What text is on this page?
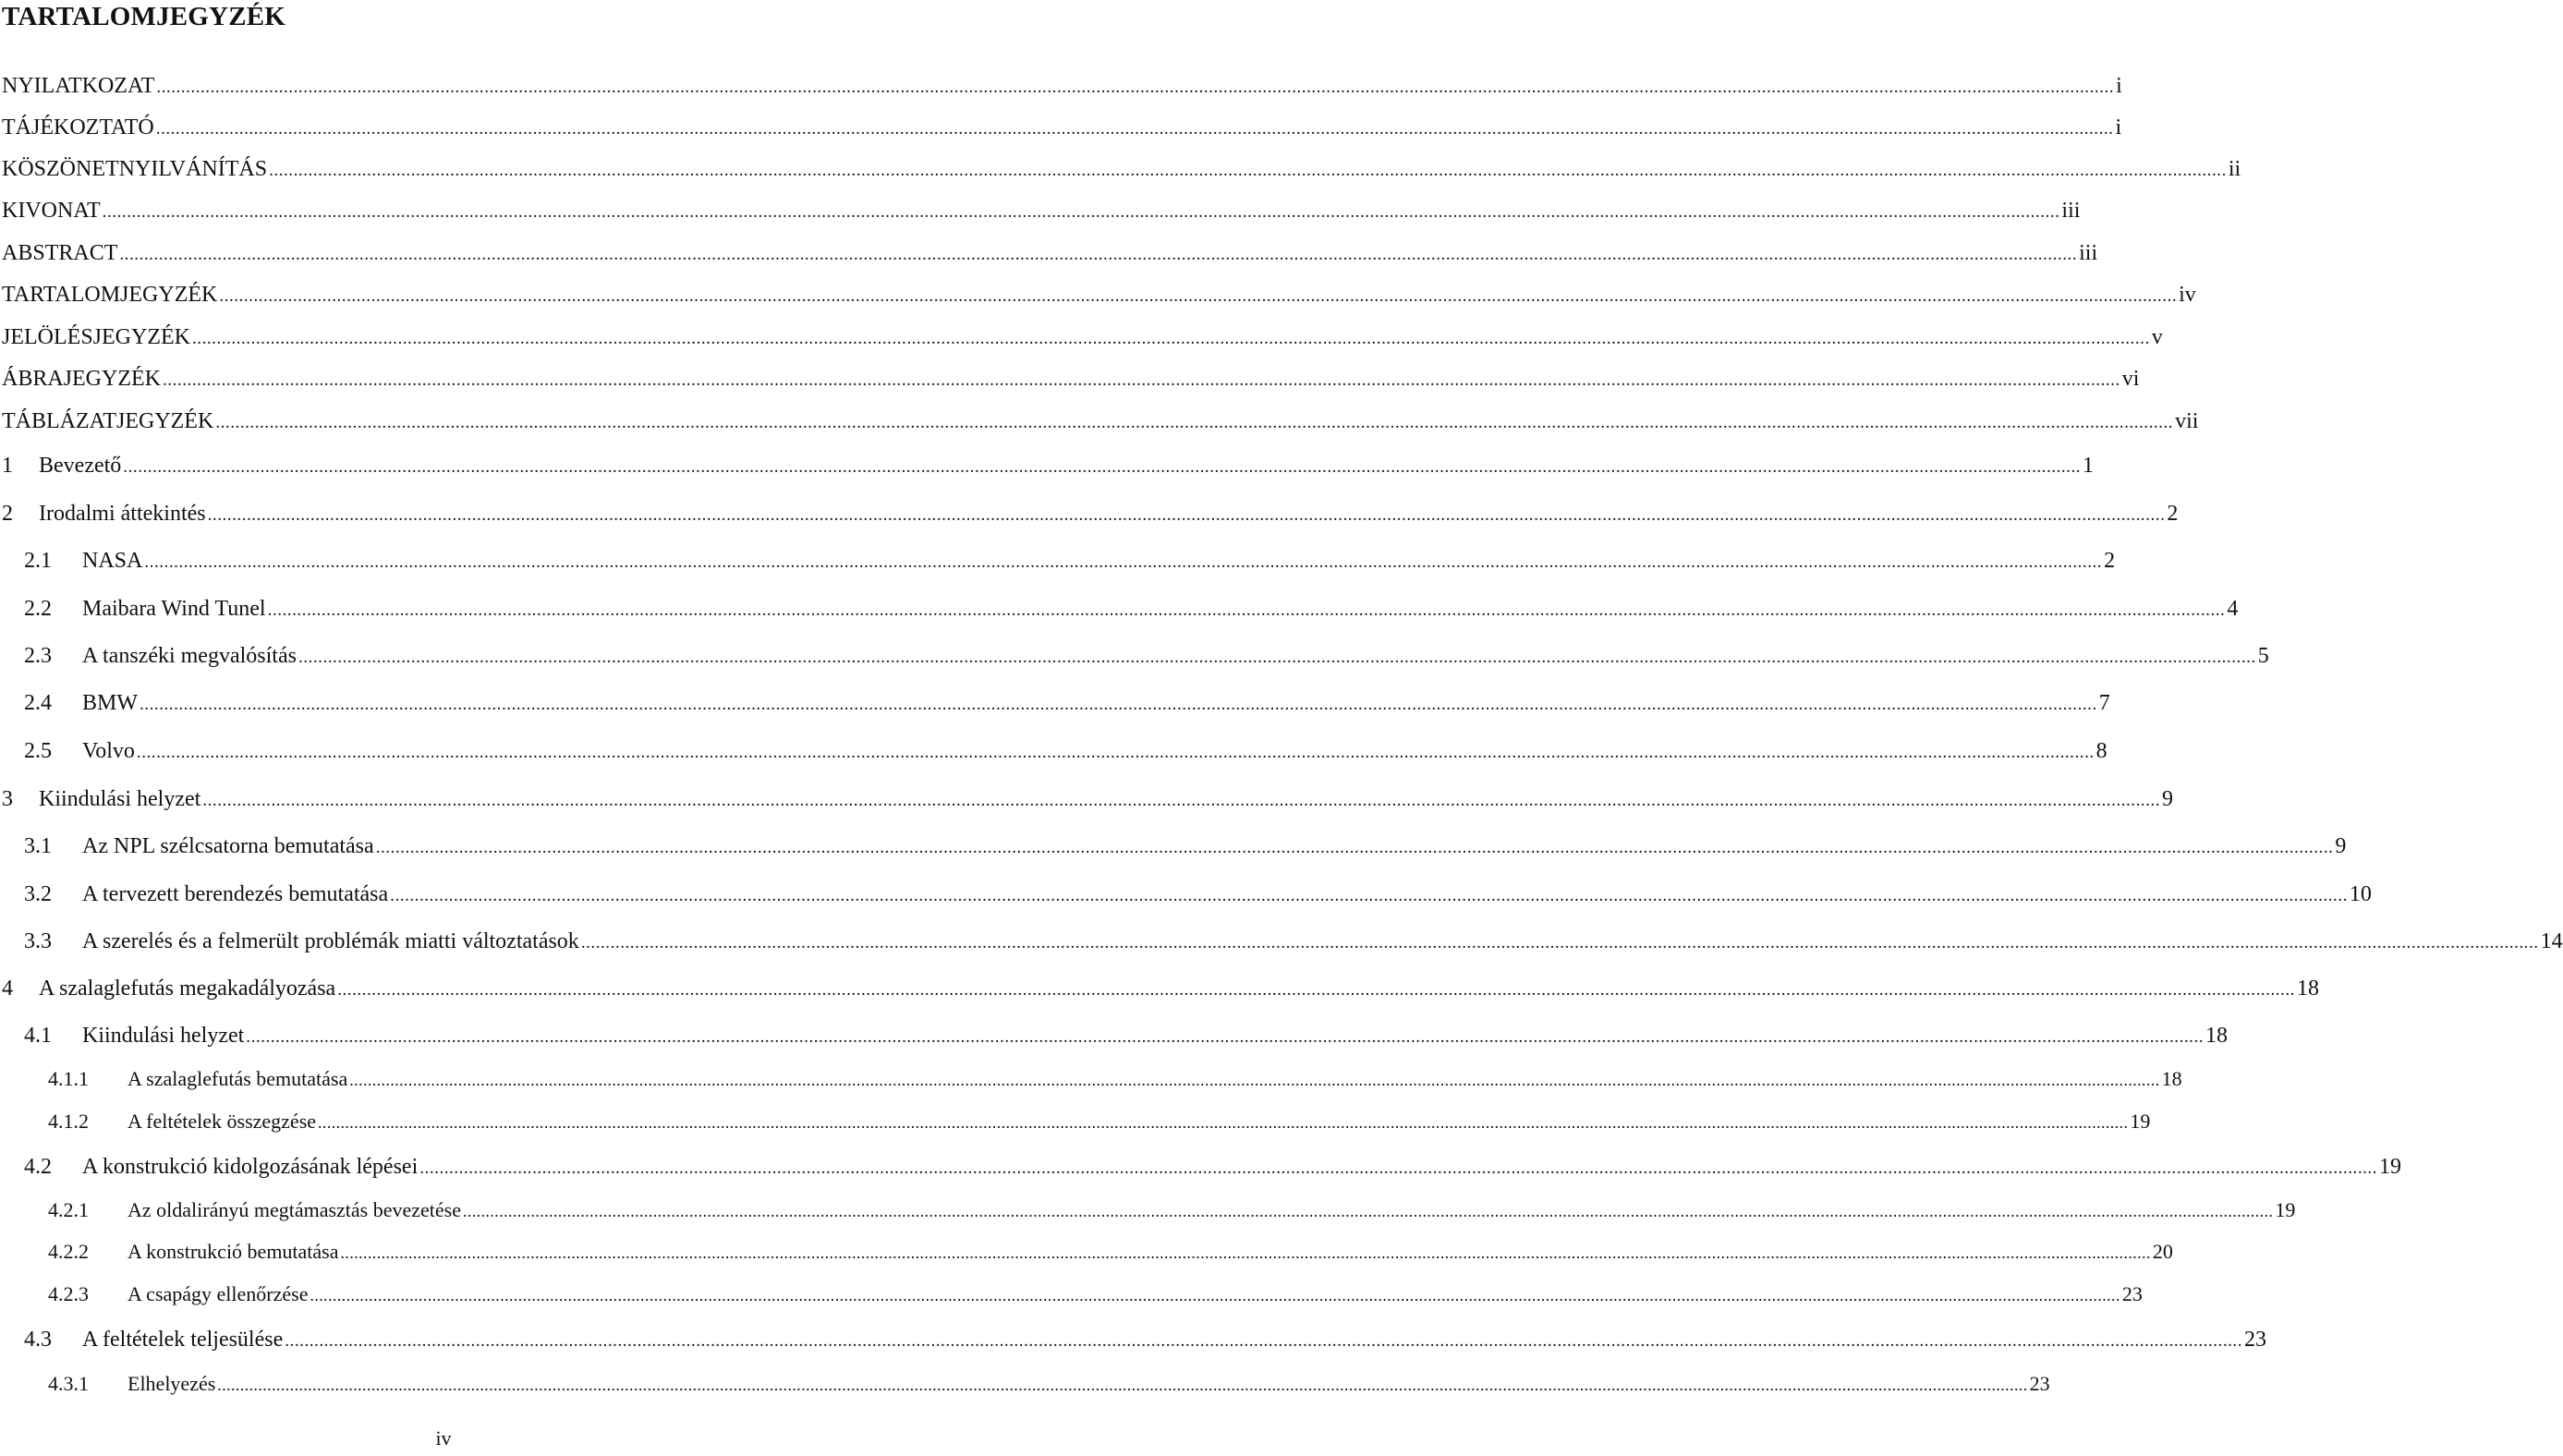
TARTALOMJEGYZÉK
NYILATKOZAT ................................................................................................................................................................................................................................................................................................................................................................................................................ i
TÁJÉKOZTATÓ ................................................................................................................................................................................................................................................................................................................................................................................................................ i
KÖSZÖNETNYILVÁNÍTÁS ................................................................................................................................................................................................................................................................................................................................................................................................................ ii
KIVONAT ................................................................................................................................................................................................................................................................................................................................................................................................................ iii
ABSTRACT ................................................................................................................................................................................................................................................................................................................................................................................................................ iii
TARTALOMJEGYZÉK ................................................................................................................................................................................................................................................................................................................................................................................................................ iv
JELÖLÉSJEGYZÉK ................................................................................................................................................................................................................................................................................................................................................................................................................ v
ÁBRAJEGYZÉK ................................................................................................................................................................................................................................................................................................................................................................................................................ vi
TÁBLÁZATJEGYZÉK ................................................................................................................................................................................................................................................................................................................................................................................................................ vii
1	Bevezető ................................................................................................................................................................................................................................................................................................................................................................................................................ 1
2	Irodalmi áttekintés ................................................................................................................................................................................................................................................................................................................................................................................................................ 2
2.1	NASA ................................................................................................................................................................................................................................................................................................................................................................................................................ 2
2.2	Maibara Wind Tunel ................................................................................................................................................................................................................................................................................................................................................................................................................ 4
2.3	A tanszéki megvalósítás ................................................................................................................................................................................................................................................................................................................................................................................................................ 5
2.4	BMW ................................................................................................................................................................................................................................................................................................................................................................................................................ 7
2.5	Volvo ................................................................................................................................................................................................................................................................................................................................................................................................................ 8
3	Kiindulási helyzet ................................................................................................................................................................................................................................................................................................................................................................................................................ 9
3.1	Az NPL szélcsatorna bemutatása ................................................................................................................................................................................................................................................................................................................................................................................................................ 9
3.2	A tervezett berendezés bemutatása ................................................................................................................................................................................................................................................................................................................................................................................................................ 10
3.3	A szerelés és a felmerült problémák miatti változtatások ................................................................................................................................................................................................................................................................................................................................................................................................................ 14
4	A szalaglefutás megakadályozása ................................................................................................................................................................................................................................................................................................................................................................................................................ 18
4.1	Kiindulási helyzet ................................................................................................................................................................................................................................................................................................................................................................................................................ 18
4.1.1	A szalaglefutás bemutatása ................................................................................................................................................................................................................................................................................................................................................................................................................ 18
4.1.2	A feltételek összegzése ................................................................................................................................................................................................................................................................................................................................................................................................................ 19
4.2	A konstrukció kidolgozásának lépései ................................................................................................................................................................................................................................................................................................................................................................................................................ 19
4.2.1	Az oldalirányú megtámasztás bevezetése ................................................................................................................................................................................................................................................................................................................................................................................................................ 19
4.2.2	A konstrukció bemutatása ................................................................................................................................................................................................................................................................................................................................................................................................................ 20
4.2.3	A csapágy ellenőrzése ................................................................................................................................................................................................................................................................................................................................................................................................................ 23
4.3	A feltételek teljesülése ................................................................................................................................................................................................................................................................................................................................................................................................................ 23
4.3.1	Elhelyezés ................................................................................................................................................................................................................................................................................................................................................................................................................ 23
iv
